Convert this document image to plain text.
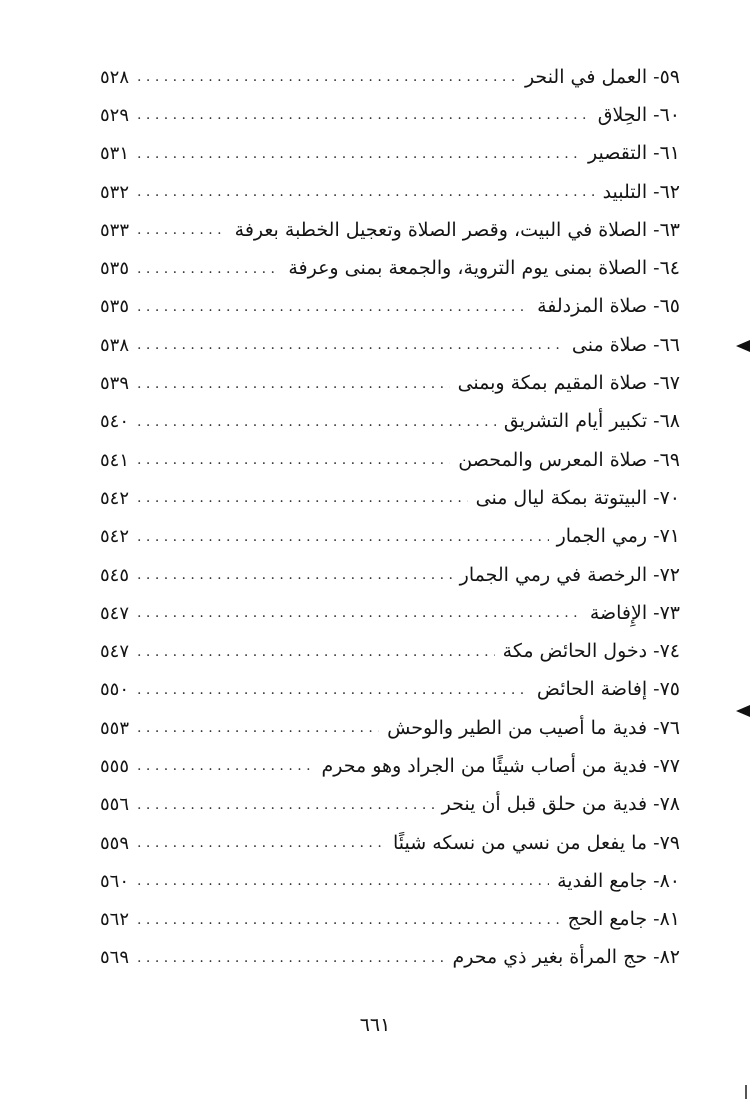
٥٩- العمل في النحر
. . .
٥٢٨
٦٠- الحِلاق
. . .
٥٢٩
٦١- التقصير
. . .
٥٣١
٦٢- التلبيد
. . .
٥٣٢
٦٣- الصلاة في البيت، وقصر الصلاة وتعجيل الخطبة بعرفة
. . .
٥٣٣
٦٤- الصلاة بمنى يوم التروية، والجمعة بمنى وعرفة
. . .
٥٣٥
٦٥- صلاة المزدلفة
. . .
٥٣٥
٦٦- صلاة منى
. . .
٥٣٨
٦٧- صلاة المقيم بمكة وبمنى
. . .
٥٣٩
٦٨- تكبير أيام التشريق
. . .
٥٤٠
٦٩- صلاة المعرس والمحصن
. . .
٥٤١
٧٠- البيتوتة بمكة ليال منى
. . .
٥٤٢
٧١- رمي الجمار
. . .
٥٤٢
٧٢- الرخصة في رمي الجمار
. . .
٥٤٥
٧٣- الإِفاضة
. . .
٥٤٧
٧٤- دخول الحائض مكة
. . .
٥٤٧
٧٥- إفاضة الحائض
. . .
٥٥٠
٧٦- فدية ما أصيب من الطير والوحش
. . .
٥٥٣
٧٧- فدية من أصاب شيئًا من الجراد وهو محرم
. . .
٥٥٥
٧٨- فدية من حلق قبل أن ينحر
. . .
٥٥٦
٧٩- ما يفعل من نسي من نسكه شيئًا
. . .
٥٥٩
٨٠- جامع الفدية
. . .
٥٦٠
٨١- جامع الحج
. . .
٥٦٢
٨٢- حج المرأة بغير ذي محرم
. . .
٥٦٩
٦٦١
